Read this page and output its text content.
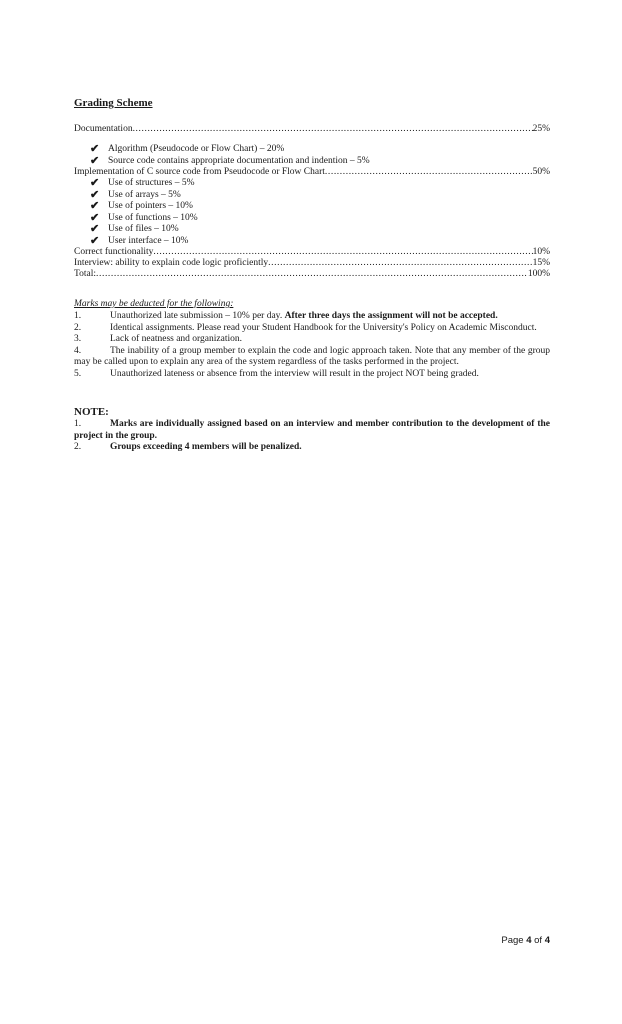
Grading Scheme
Documentation .....	25%
✔ Algorithm (Pseudocode or Flow Chart) – 20%
✔ Source code contains appropriate documentation and indention – 5%
Implementation of C source code from Pseudocode or Flow Chart .....	50%
✔ Use of structures – 5%
✔ Use of arrays – 5%
✔ Use of pointers – 10%
✔ Use of functions – 10%
✔ Use of files – 10%
✔ User interface – 10%
Correct functionality .....	10%
Interview: ability to explain code logic proficiently .....	15%
Total: .....	100%
Marks may be deducted for the following:
1.	Unauthorized late submission – 10% per day. After three days the assignment will not be accepted.
2.	Identical assignments. Please read your Student Handbook for the University's Policy on Academic Misconduct.
3.	Lack of neatness and organization.
4.	The inability of a group member to explain the code and logic approach taken. Note that any member of the group may be called upon to explain any area of the system regardless of the tasks performed in the project.
5.	Unauthorized lateness or absence from the interview will result in the project NOT being graded.
NOTE:
1.	Marks are individually assigned based on an interview and member contribution to the development of the project in the group.
2.	Groups exceeding 4 members will be penalized.
Page 4 of 4
